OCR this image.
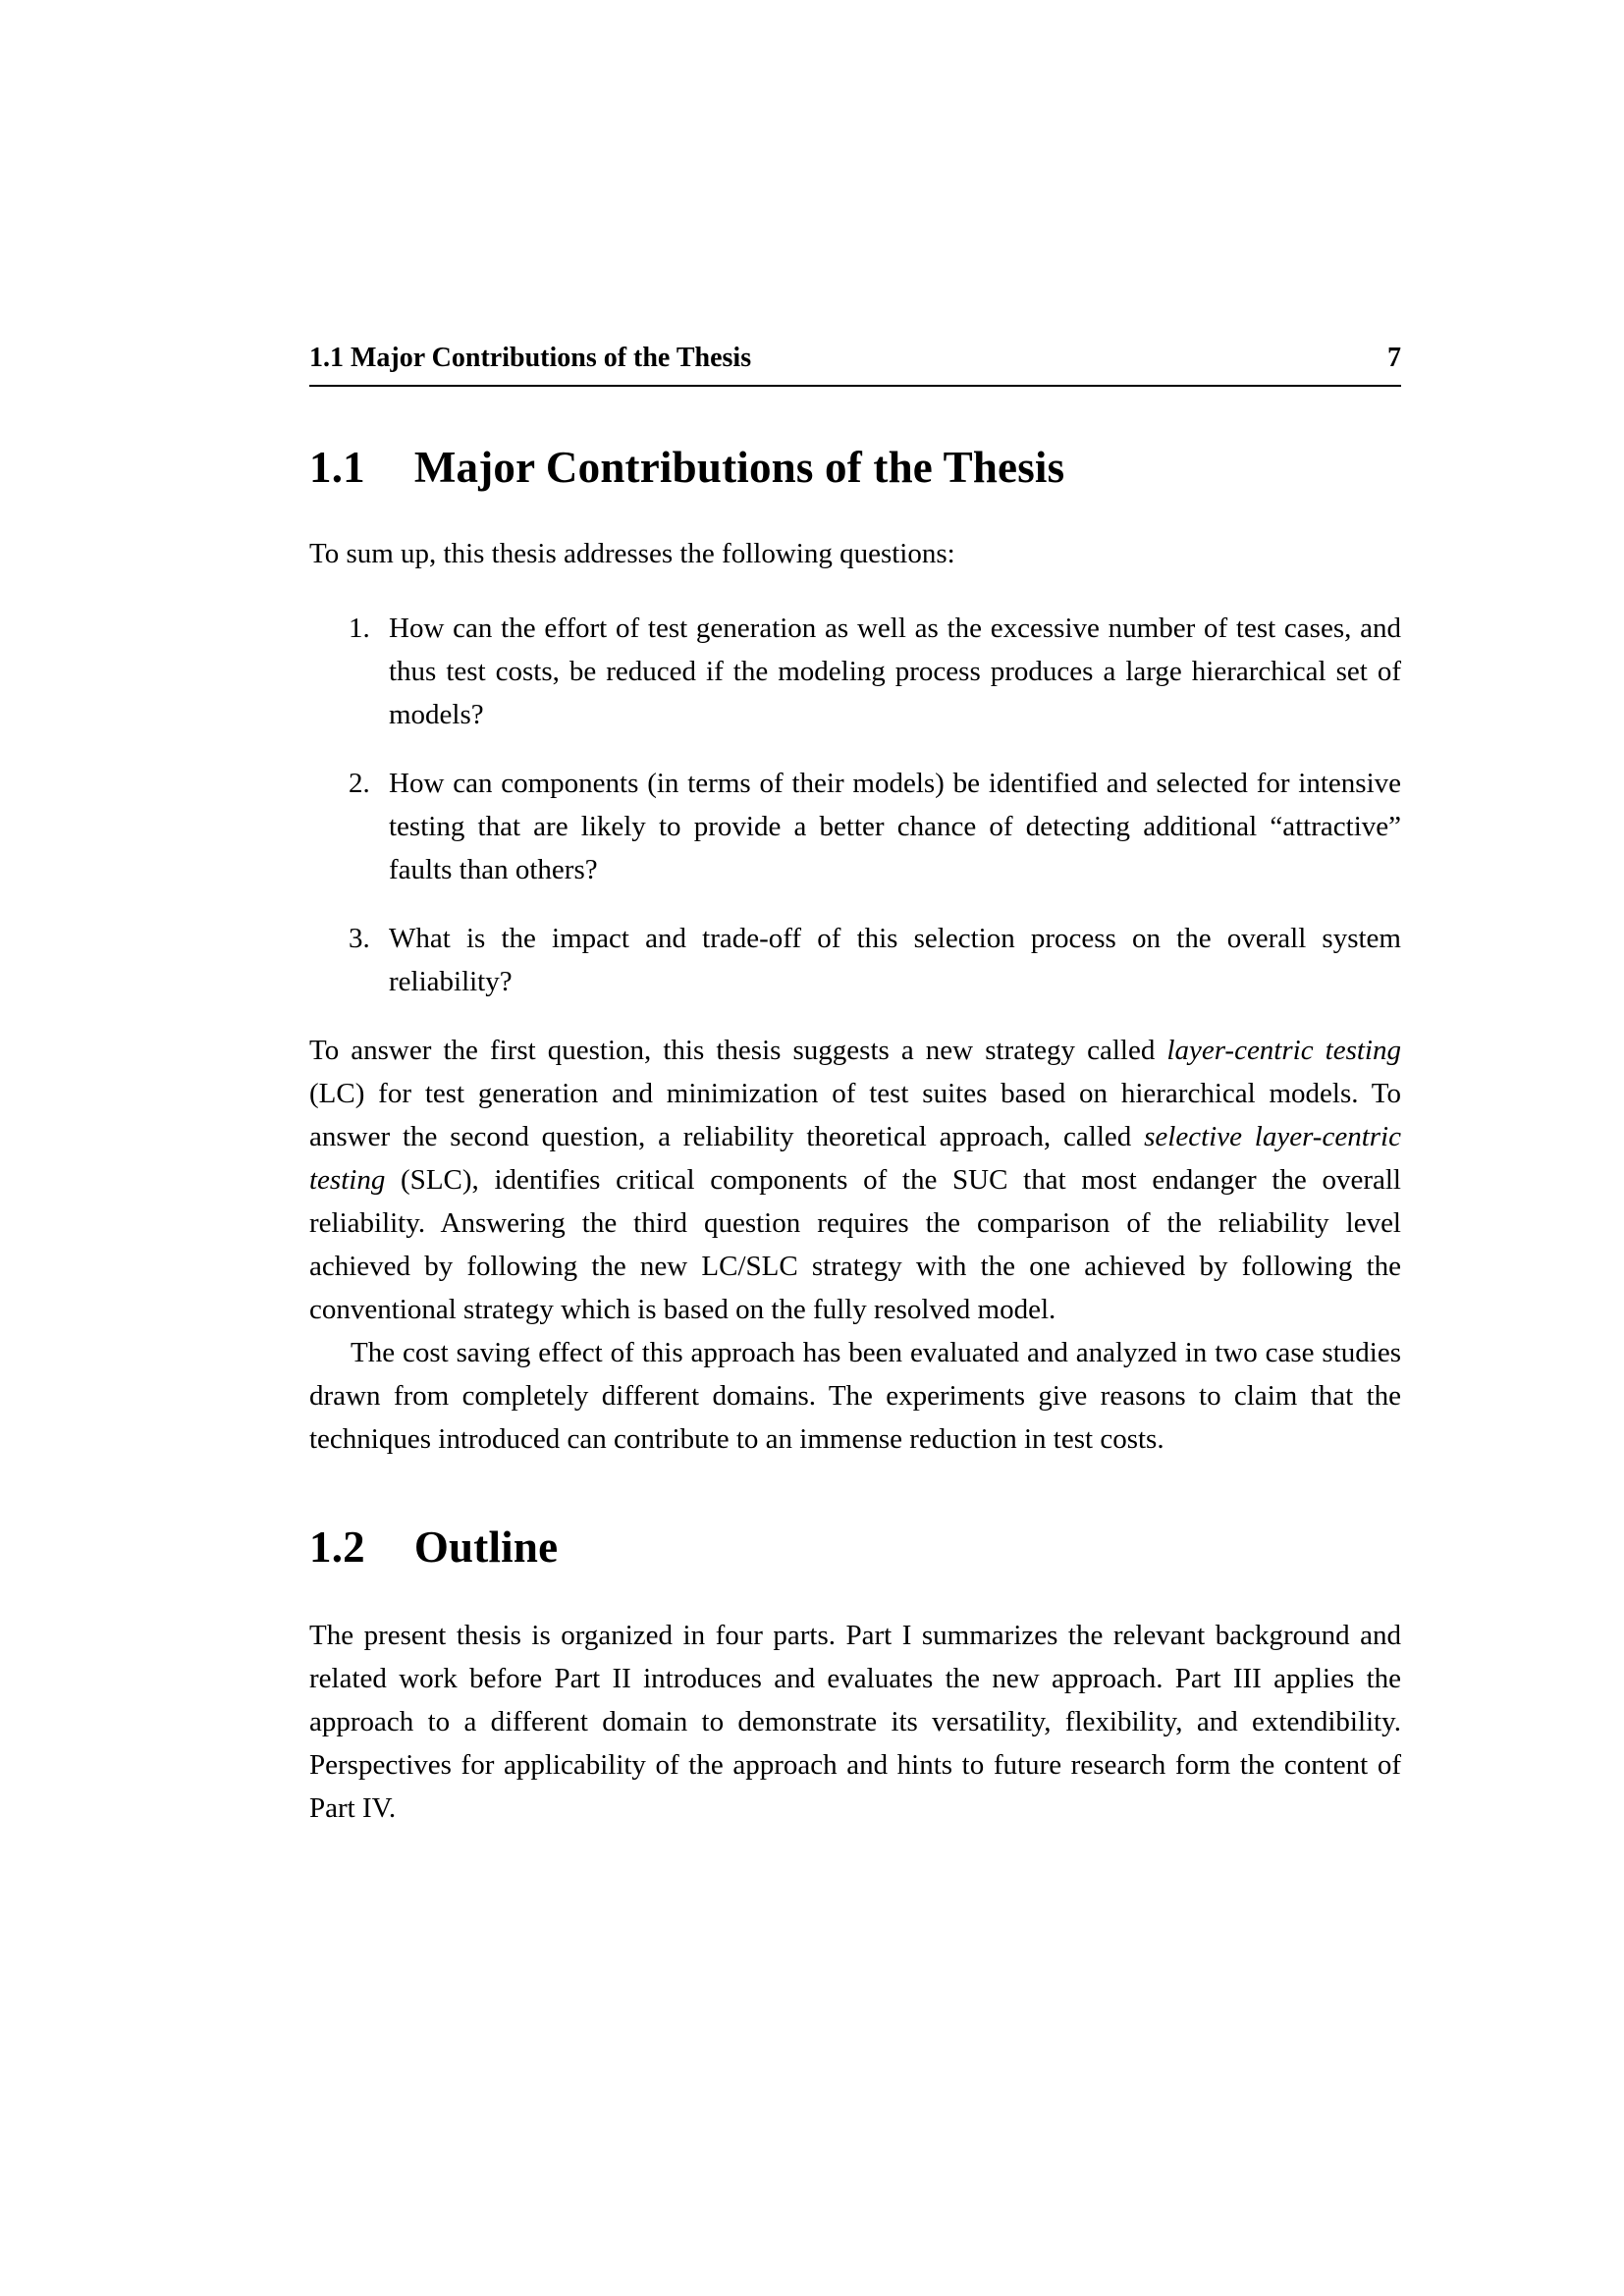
1.1 Major Contributions of the Thesis	7
1.1 Major Contributions of the Thesis

To sum up, this thesis addresses the following questions:

1. How can the effort of test generation as well as the excessive number of test cases, and thus test costs, be reduced if the modeling process produces a large hierarchical set of models?
2. How can components (in terms of their models) be identified and selected for intensive testing that are likely to provide a better chance of detecting additional “attractive” faults than others?
3. What is the impact and trade-off of this selection process on the overall system reliability?

To answer the first question, this thesis suggests a new strategy called layer-centric testing (LC) for test generation and minimization of test suites based on hierarchical models. To answer the second question, a reliability theoretical approach, called selective layer-centric testing (SLC), identifies critical components of the SUC that most endanger the overall reliability. Answering the third question requires the comparison of the reliability level achieved by following the new LC/SLC strategy with the one achieved by following the conventional strategy which is based on the fully resolved model.

The cost saving effect of this approach has been evaluated and analyzed in two case studies drawn from completely different domains. The experiments give reasons to claim that the techniques introduced can contribute to an immense reduction in test costs.

1.2 Outline

The present thesis is organized in four parts. Part I summarizes the relevant background and related work before Part II introduces and evaluates the new approach. Part III applies the approach to a different domain to demonstrate its versatility, flexibility, and extendibility. Perspectives for applicability of the approach and hints to future research form the content of Part IV.
